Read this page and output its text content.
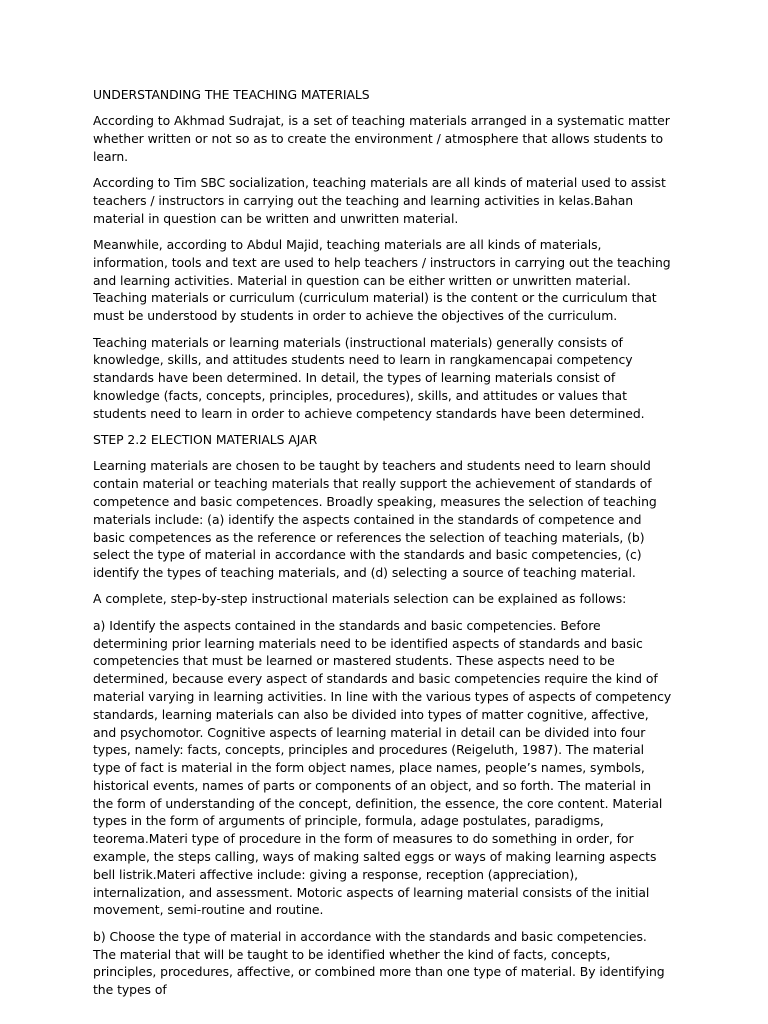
UNDERSTANDING THE TEACHING MATERIALS

According to Akhmad Sudrajat, is a set of teaching materials arranged in a systematic matter whether written or not so as to create the environment / atmosphere that allows students to learn.

According to Tim SBC socialization, teaching materials are all kinds of material used to assist teachers / instructors in carrying out the teaching and learning activities in kelas.Bahan material in question can be written and unwritten material.

Meanwhile, according to Abdul Majid, teaching materials are all kinds of materials, information, tools and text are used to help teachers / instructors in carrying out the teaching and learning activities. Material in question can be either written or unwritten material. Teaching materials or curriculum (curriculum material) is the content or the curriculum that must be understood by students in order to achieve the objectives of the curriculum.

Teaching materials or learning materials (instructional materials) generally consists of knowledge, skills, and attitudes students need to learn in rangkamencapai competency standards have been determined. In detail, the types of learning materials consist of knowledge (facts, concepts, principles, procedures), skills, and attitudes or values that students need to learn in order to achieve competency standards have been determined.

STEP 2.2 ELECTION MATERIALS AJAR

Learning materials are chosen to be taught by teachers and students need to learn should contain material or teaching materials that really support the achievement of standards of competence and basic competences. Broadly speaking, measures the selection of teaching materials include: (a) identify the aspects contained in the standards of competence and basic competences as the reference or references the selection of teaching materials, (b) select the type of material in accordance with the standards and basic competencies, (c) identify the types of teaching materials, and (d) selecting a source of teaching material.

A complete, step-by-step instructional materials selection can be explained as follows:

a) Identify the aspects contained in the standards and basic competencies. Before determining prior learning materials need to be identified aspects of standards and basic competencies that must be learned or mastered students. These aspects need to be determined, because every aspect of standards and basic competencies require the kind of material varying in learning activities. In line with the various types of aspects of competency standards, learning materials can also be divided into types of matter cognitive, affective, and psychomotor. Cognitive aspects of learning material in detail can be divided into four types, namely: facts, concepts, principles and procedures (Reigeluth, 1987). The material type of fact is material in the form object names, place names, people’s names, symbols, historical events, names of parts or components of an object, and so forth. The material in the form of understanding of the concept, definition, the essence, the core content. Material types in the form of arguments of principle, formula, adage postulates, paradigms, teorema.Materi type of procedure in the form of measures to do something in order, for example, the steps calling, ways of making salted eggs or ways of making learning aspects bell listrik.Materi affective include: giving a response, reception (appreciation), internalization, and assessment. Motoric aspects of learning material consists of the initial movement, semi-routine and routine.

b) Choose the type of material in accordance with the standards and basic competencies. The material that will be taught to be identified whether the kind of facts, concepts, principles, procedures, affective, or combined more than one type of material. By identifying the types of
